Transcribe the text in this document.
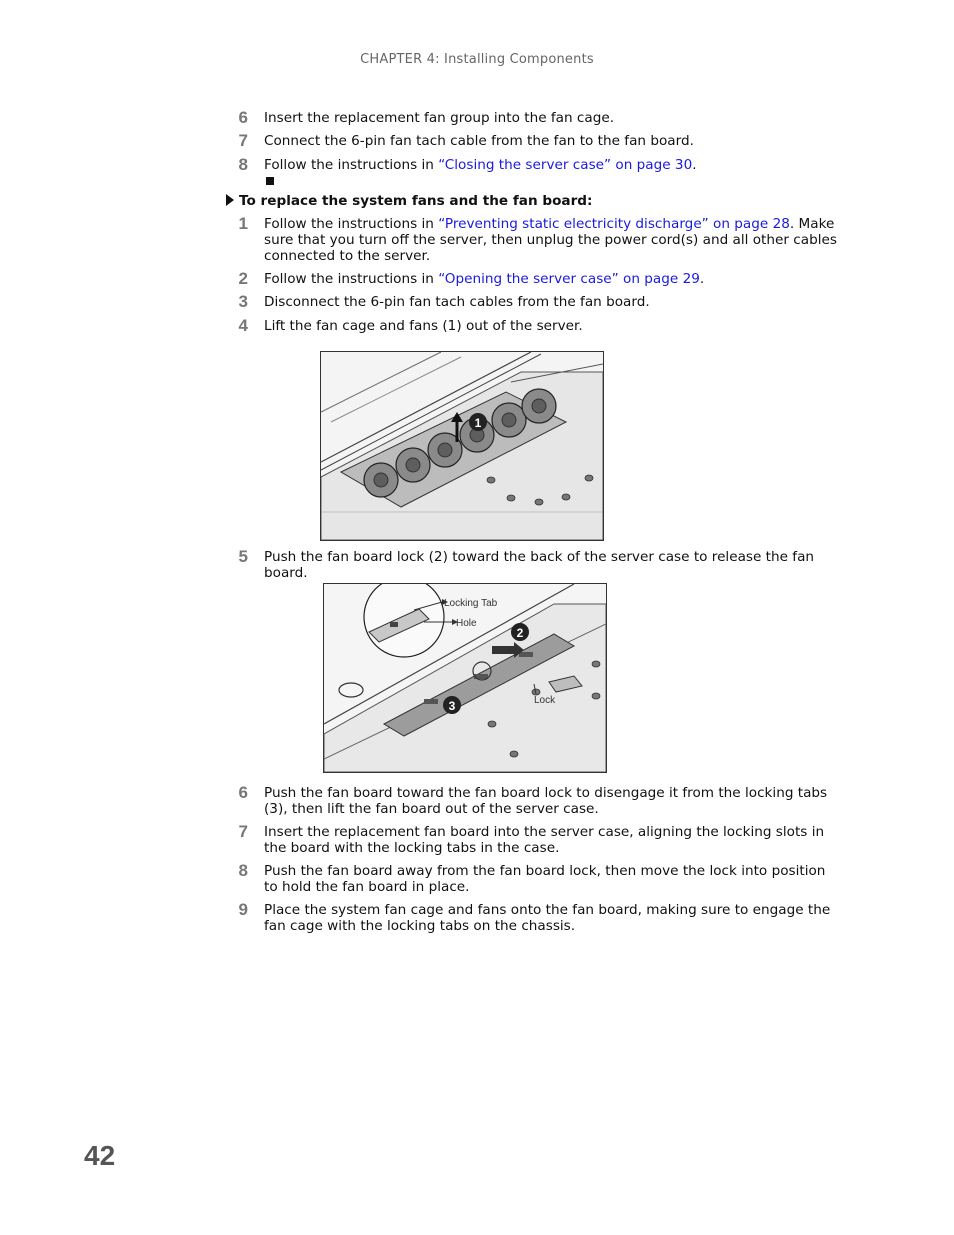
CHAPTER 4: Installing Components
6 Insert the replacement fan group into the fan cage.
7 Connect the 6-pin fan tach cable from the fan to the fan board.
8 Follow the instructions in “Closing the server case” on page 30.
To replace the system fans and the fan board:
1 Follow the instructions in “Preventing static electricity discharge” on page 28. Make sure that you turn off the server, then unplug the power cord(s) and all other cables connected to the server.
2 Follow the instructions in “Opening the server case” on page 29.
3 Disconnect the 6-pin fan tach cables from the fan board.
4 Lift the fan cage and fans (1) out of the server.
1
5 Push the fan board lock (2) toward the back of the server case to release the fan board.
Locking Tab
Hole
2
3	Lock
6 Push the fan board toward the fan board lock to disengage it from the locking tabs (3), then lift the fan board out of the server case.
7 Insert the replacement fan board into the server case, aligning the locking slots in the board with the locking tabs in the case.
8 Push the fan board away from the fan board lock, then move the lock into position to hold the fan board in place.
9 Place the system fan cage and fans onto the fan board, making sure to engage the fan cage with the locking tabs on the chassis.
42
